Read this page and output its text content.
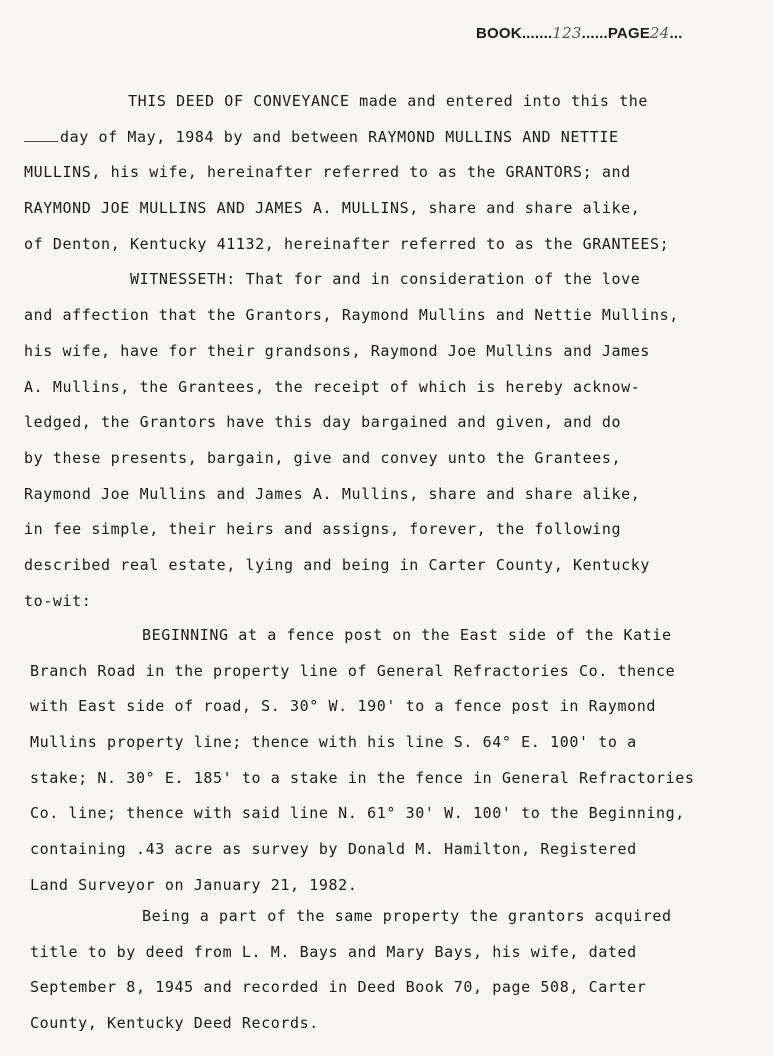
BOOK.......123......PAGE24...
THIS DEED OF CONVEYANCE made and entered into this the
day of May, 1984 by and between RAYMOND MULLINS AND NETTIE
MULLINS, his wife, hereinafter referred to as the GRANTORS; and
RAYMOND JOE MULLINS AND JAMES A. MULLINS, share and share alike,
of Denton, Kentucky 41132, hereinafter referred to as the GRANTEES;
WITNESSETH: That for and in consideration of the love
and affection that the Grantors, Raymond Mullins and Nettie Mullins,
his wife, have for their grandsons, Raymond Joe Mullins and James
A. Mullins, the Grantees, the receipt of which is hereby acknow-
ledged, the Grantors have this day bargained and given, and do
by these presents, bargain, give and convey unto the Grantees,
Raymond Joe Mullins and James A. Mullins, share and share alike,
in fee simple, their heirs and assigns, forever, the following
described real estate, lying and being in Carter County, Kentucky
to-wit:
BEGINNING at a fence post on the East side of the Katie
Branch Road in the property line of General Refractories Co. thence
with East side of road, S. 30° W. 190' to a fence post in Raymond
Mullins property line; thence with his line S. 64° E. 100' to a
stake; N. 30° E. 185' to a stake in the fence in General Refractories
Co. line; thence with said line N. 61° 30' W. 100' to the Beginning,
containing .43 acre as survey by Donald M. Hamilton, Registered
Land Surveyor on January 21, 1982.
Being a part of the same property the grantors acquired
title to by deed from L. M. Bays and Mary Bays, his wife, dated
September 8, 1945 and recorded in Deed Book 70, page 508, Carter
County, Kentucky Deed Records.
